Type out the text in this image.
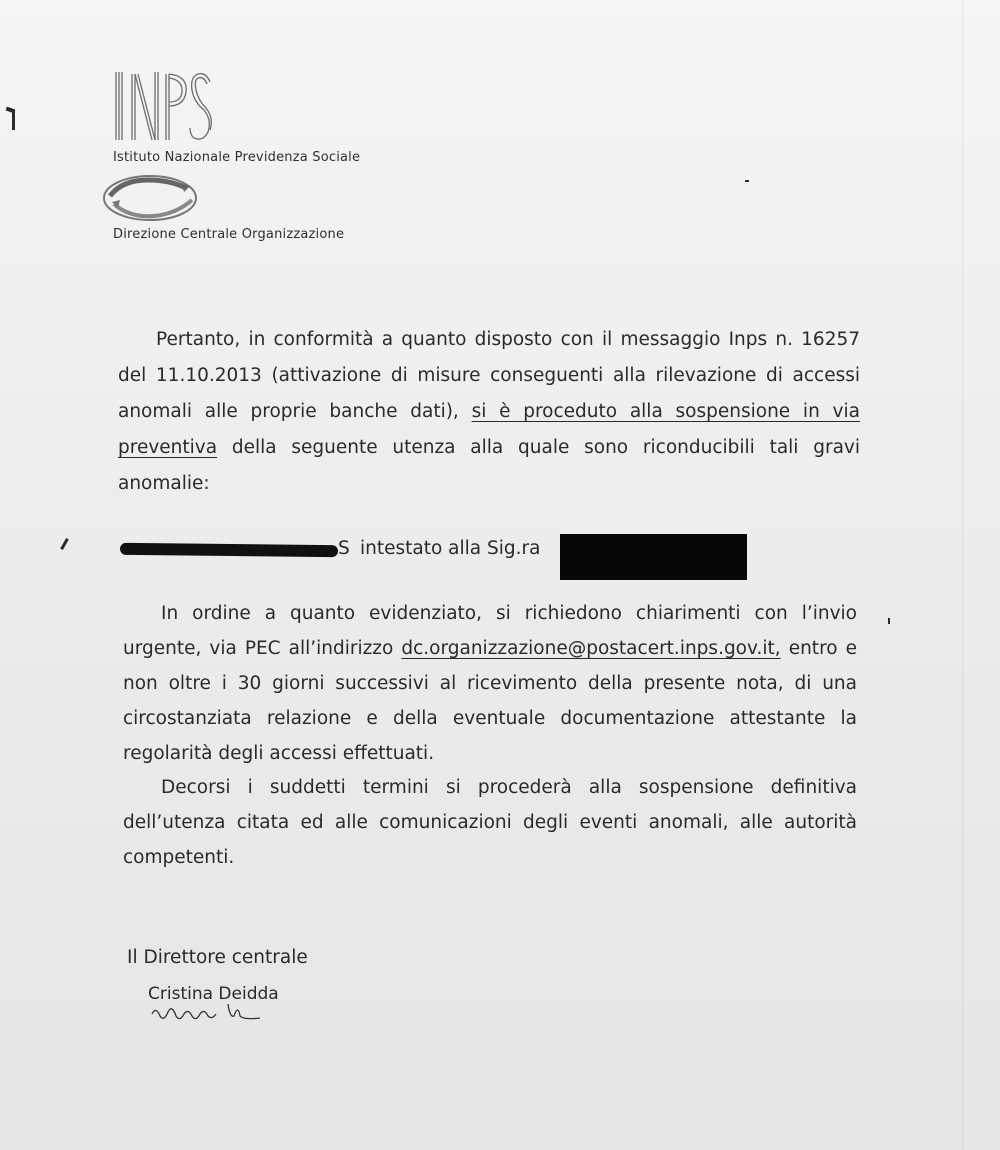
Istituto Nazionale Previdenza Sociale
Direzione Centrale Organizzazione
Pertanto, in conformità a quanto disposto con il messaggio Inps n. 16257 del 11.10.2013 (attivazione di misure conseguenti alla rilevazione di accessi anomali alle proprie banche dati), si è proceduto alla sospensione in via preventiva della seguente utenza alla quale sono riconducibili tali gravi anomalie:
S intestato alla Sig.ra
In ordine a quanto evidenziato, si richiedono chiarimenti con l’invio urgente, via PEC all’indirizzo dc.organizzazione@postacert.inps.gov.it, entro e non oltre i 30 giorni successivi al ricevimento della presente nota, di una circostanziata relazione e della eventuale documentazione attestante la regolarità degli accessi effettuati.
Decorsi i suddetti termini si procederà alla sospensione definitiva dell’utenza citata ed alle comunicazioni degli eventi anomali, alle autorità competenti.
Il Direttore centrale
Cristina Deidda
